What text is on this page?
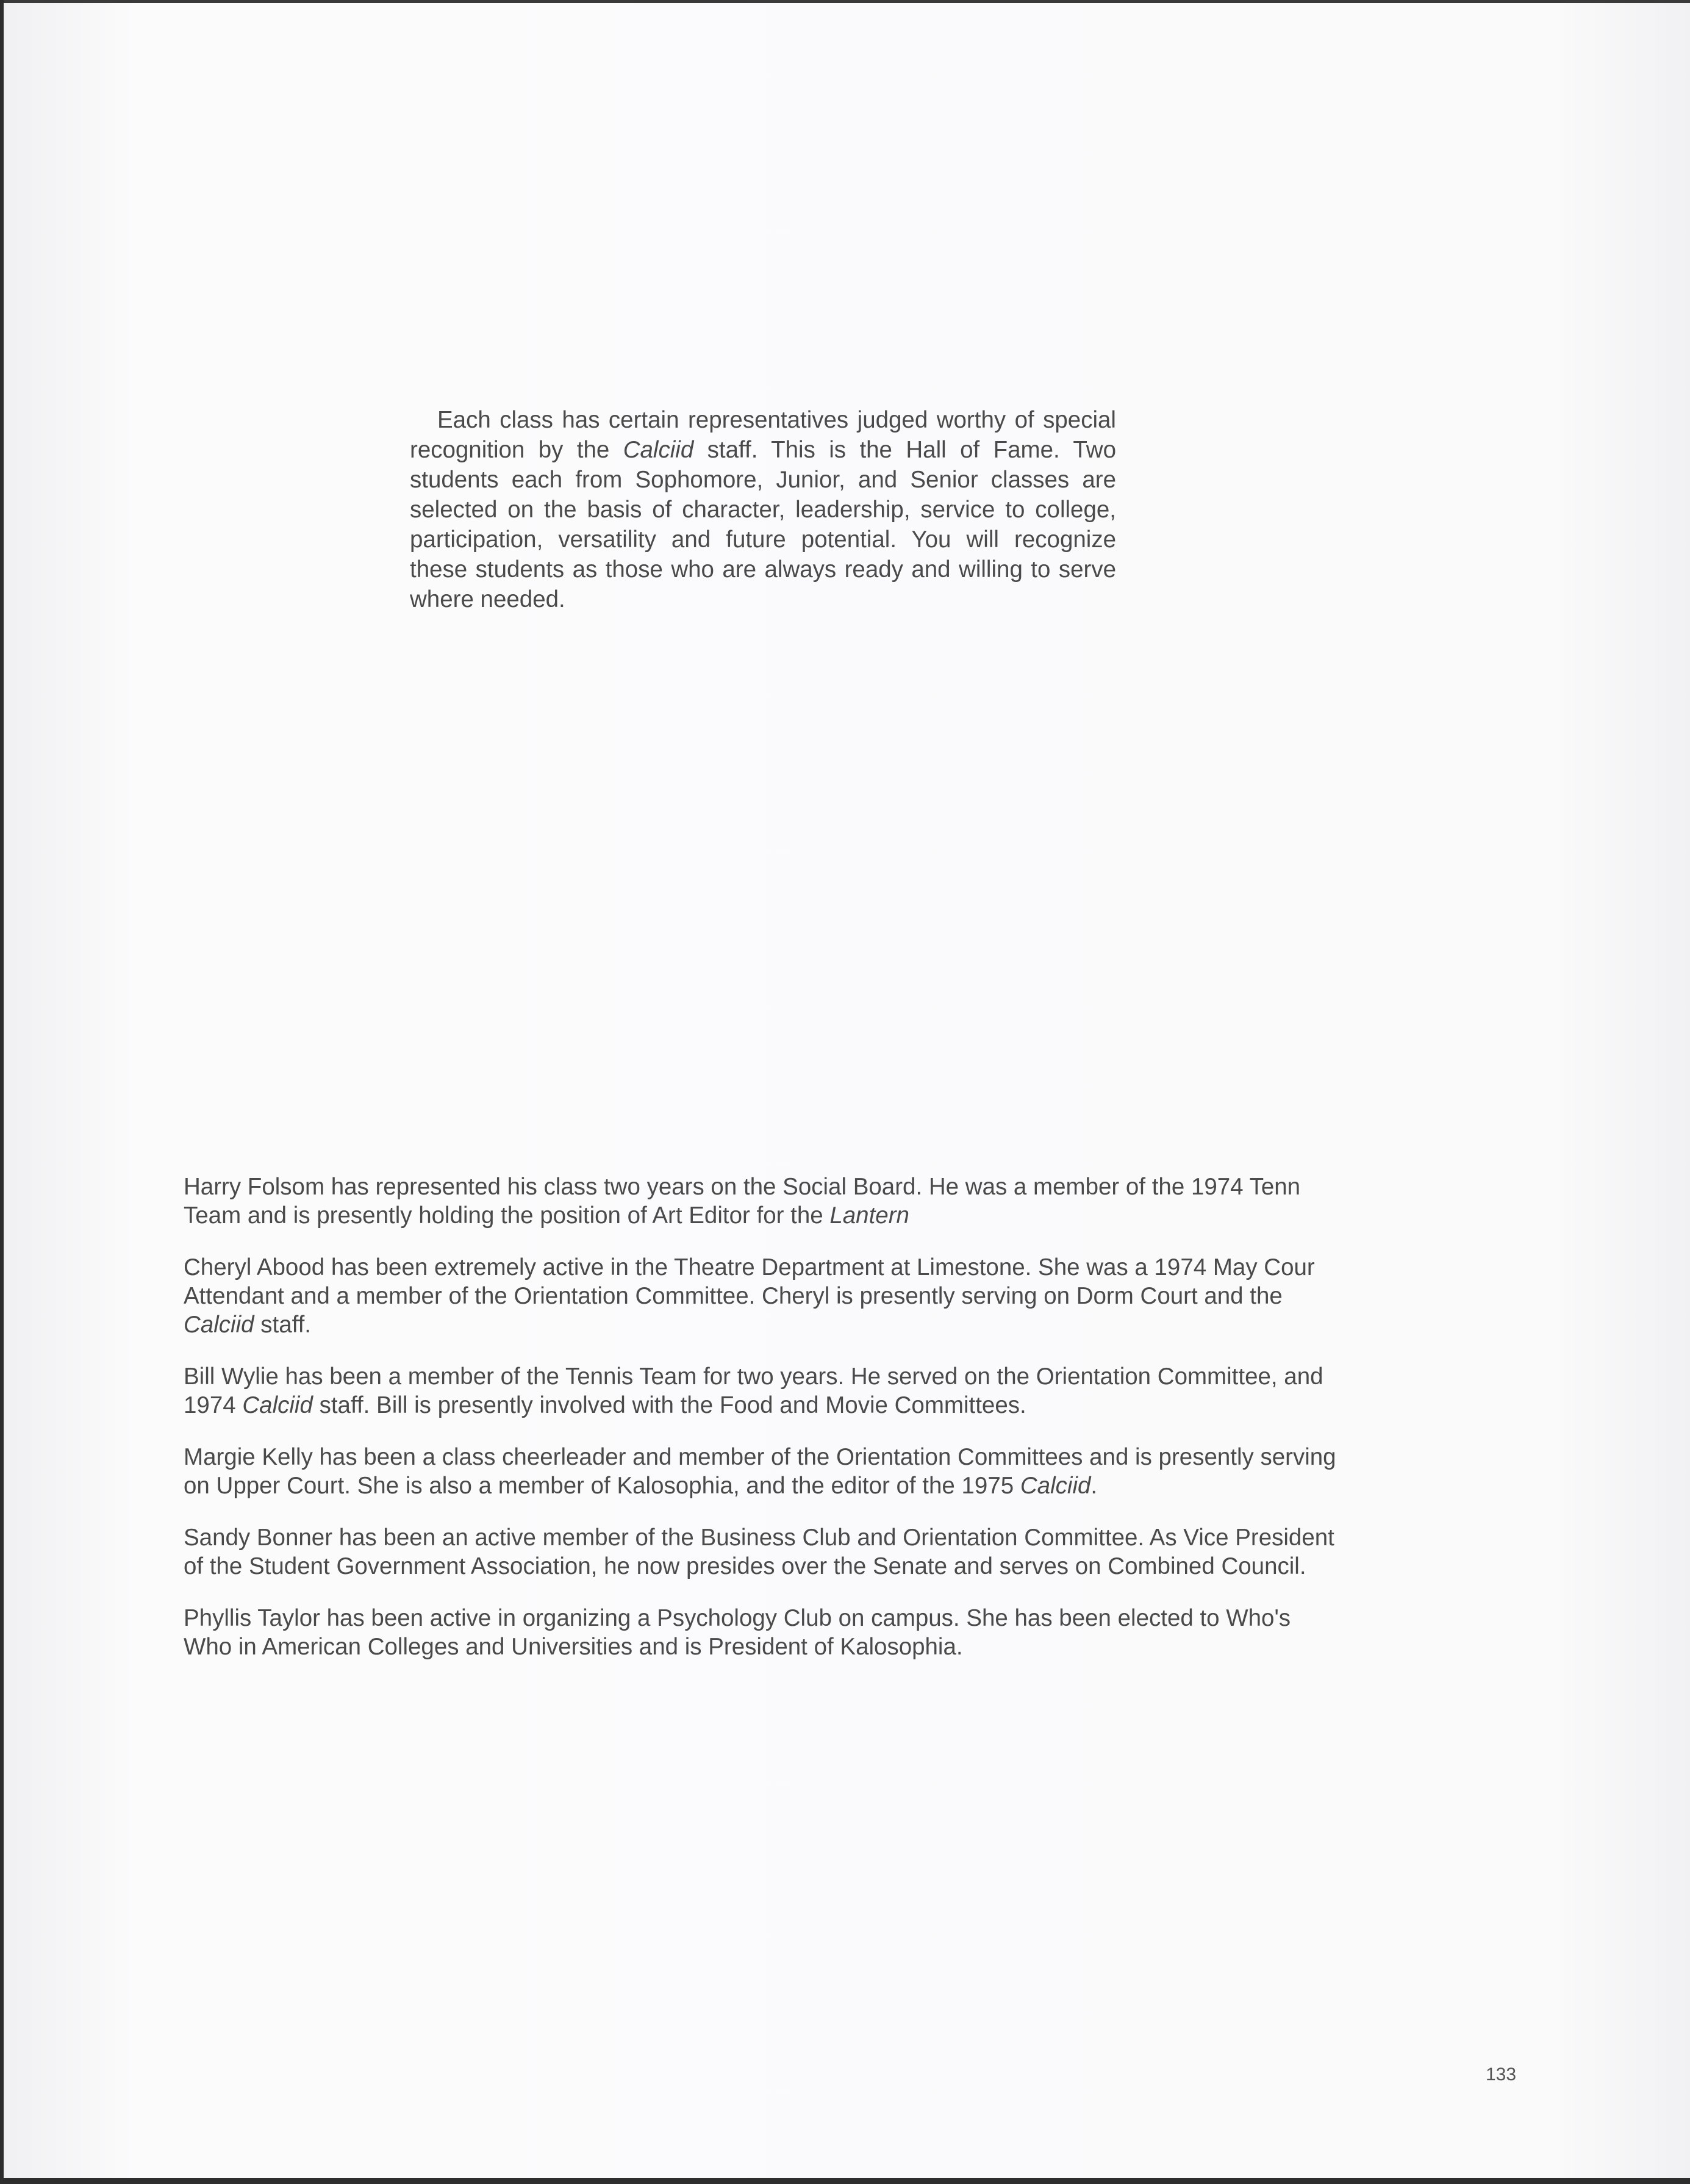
Each class has certain representatives judged worthy of special recognition by the Calciid staff. This is the Hall of Fame. Two students each from Sophomore, Junior, and Senior classes are selected on the basis of character, leadership, service to college, participation, versatility and future potential. You will recognize these students as those who are always ready and willing to serve where needed.

Harry Folsom has represented his class two years on the Social Board. He was a member of the 1974 Tenn
Team and is presently holding the position of Art Editor for the Lantern

Cheryl Abood has been extremely active in the Theatre Department at Limestone. She was a 1974 May Cour
Attendant and a member of the Orientation Committee. Cheryl is presently serving on Dorm Court and the
Calciid staff.

Bill Wylie has been a member of the Tennis Team for two years. He served on the Orientation Committee, and
1974 Calciid staff. Bill is presently involved with the Food and Movie Committees.

Margie Kelly has been a class cheerleader and member of the Orientation Committees and is presently serving
on Upper Court. She is also a member of Kalosophia, and the editor of the 1975 Calciid.

Sandy Bonner has been an active member of the Business Club and Orientation Committee. As Vice President
of the Student Government Association, he now presides over the Senate and serves on Combined Council.

Phyllis Taylor has been active in organizing a Psychology Club on campus. She has been elected to Who's
Who in American Colleges and Universities and is President of Kalosophia.

133
